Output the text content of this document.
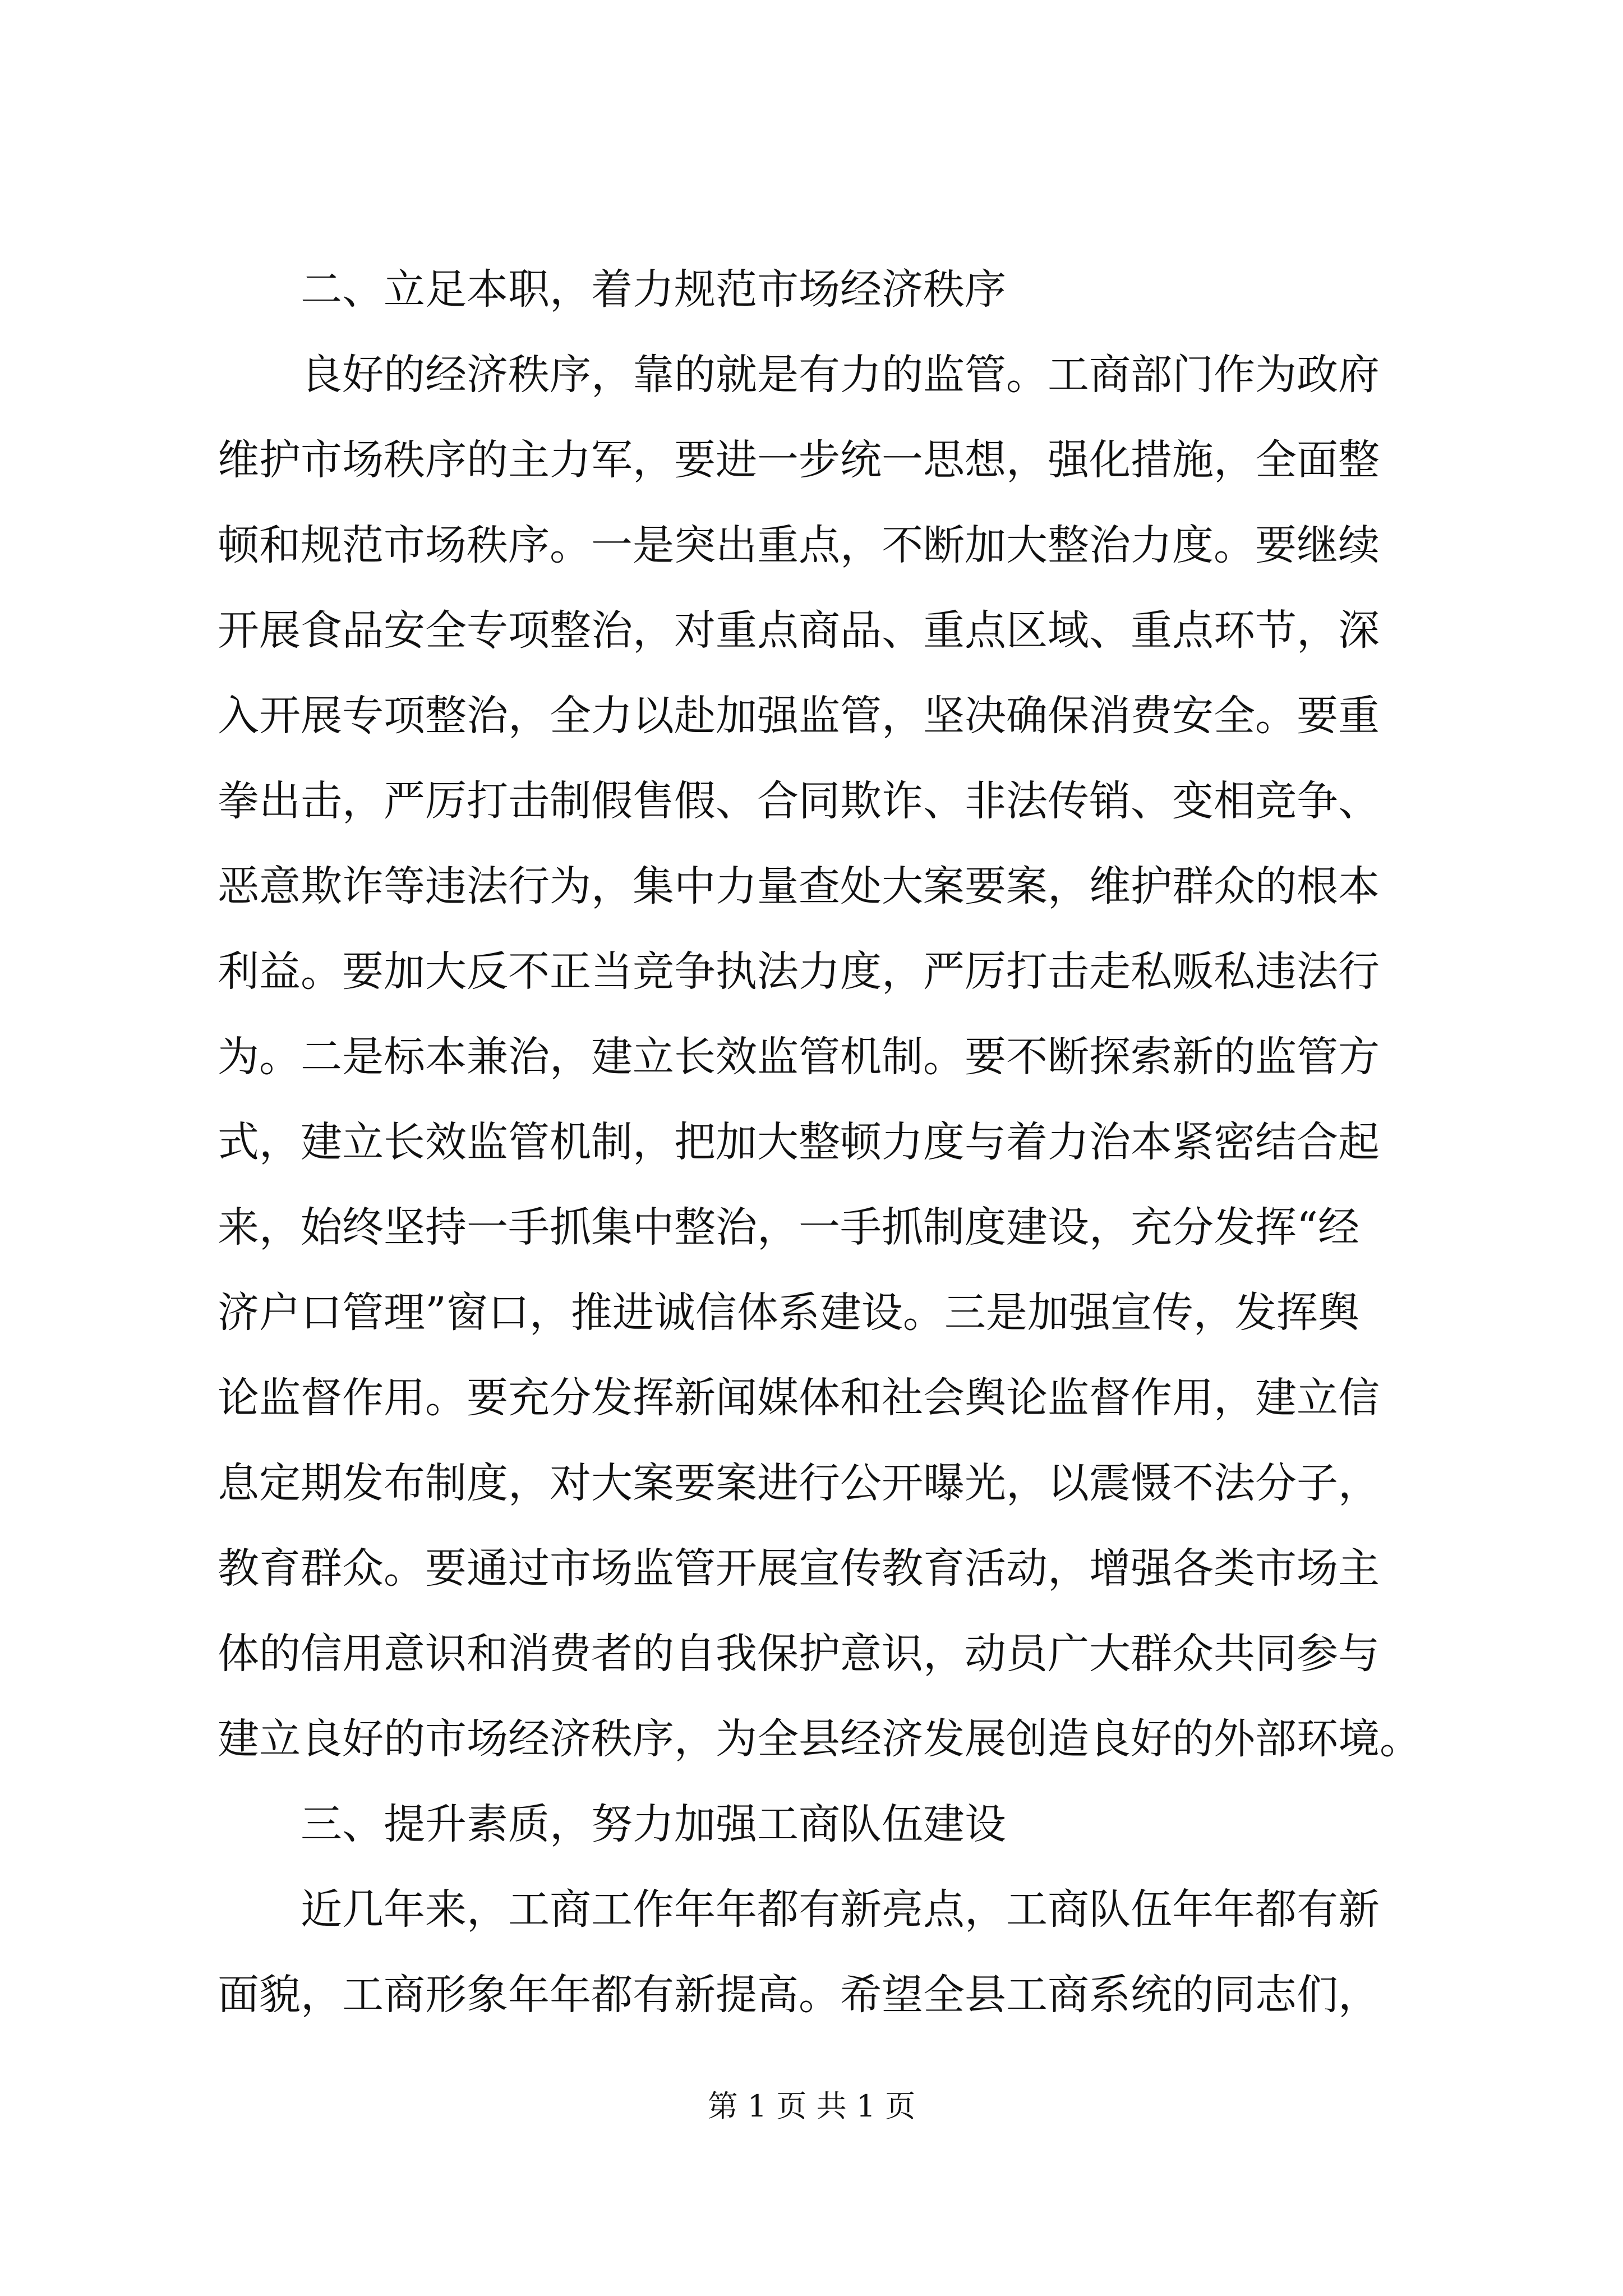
二、立足本职，着力规范市场经济秩序
良好的经济秩序，靠的就是有力的监管。工商部门作为政府
维护市场秩序的主力军，要进一步统一思想，强化措施，全面整
顿和规范市场秩序。一是突出重点，不断加大整治力度。要继续
开展食品安全专项整治，对重点商品、重点区域、重点环节，深
入开展专项整治，全力以赴加强监管，坚决确保消费安全。要重
拳出击，严厉打击制假售假、合同欺诈、非法传销、变相竞争、
恶意欺诈等违法行为，集中力量查处大案要案，维护群众的根本
利益。要加大反不正当竞争执法力度，严厉打击走私贩私违法行
为。二是标本兼治，建立长效监管机制。要不断探索新的监管方
式，建立长效监管机制，把加大整顿力度与着力治本紧密结合起
来，始终坚持一手抓集中整治，一手抓制度建设，充分发挥“经
济户口管理”窗口，推进诚信体系建设。三是加强宣传，发挥舆
论监督作用。要充分发挥新闻媒体和社会舆论监督作用，建立信
息定期发布制度，对大案要案进行公开曝光，以震慑不法分子，
教育群众。要通过市场监管开展宣传教育活动，增强各类市场主
体的信用意识和消费者的自我保护意识，动员广大群众共同参与
建立良好的市场经济秩序，为全县经济发展创造良好的外部环境。
三、提升素质，努力加强工商队伍建设
近几年来，工商工作年年都有新亮点，工商队伍年年都有新
面貌，工商形象年年都有新提高。希望全县工商系统的同志们，
第 1 页 共 1 页
